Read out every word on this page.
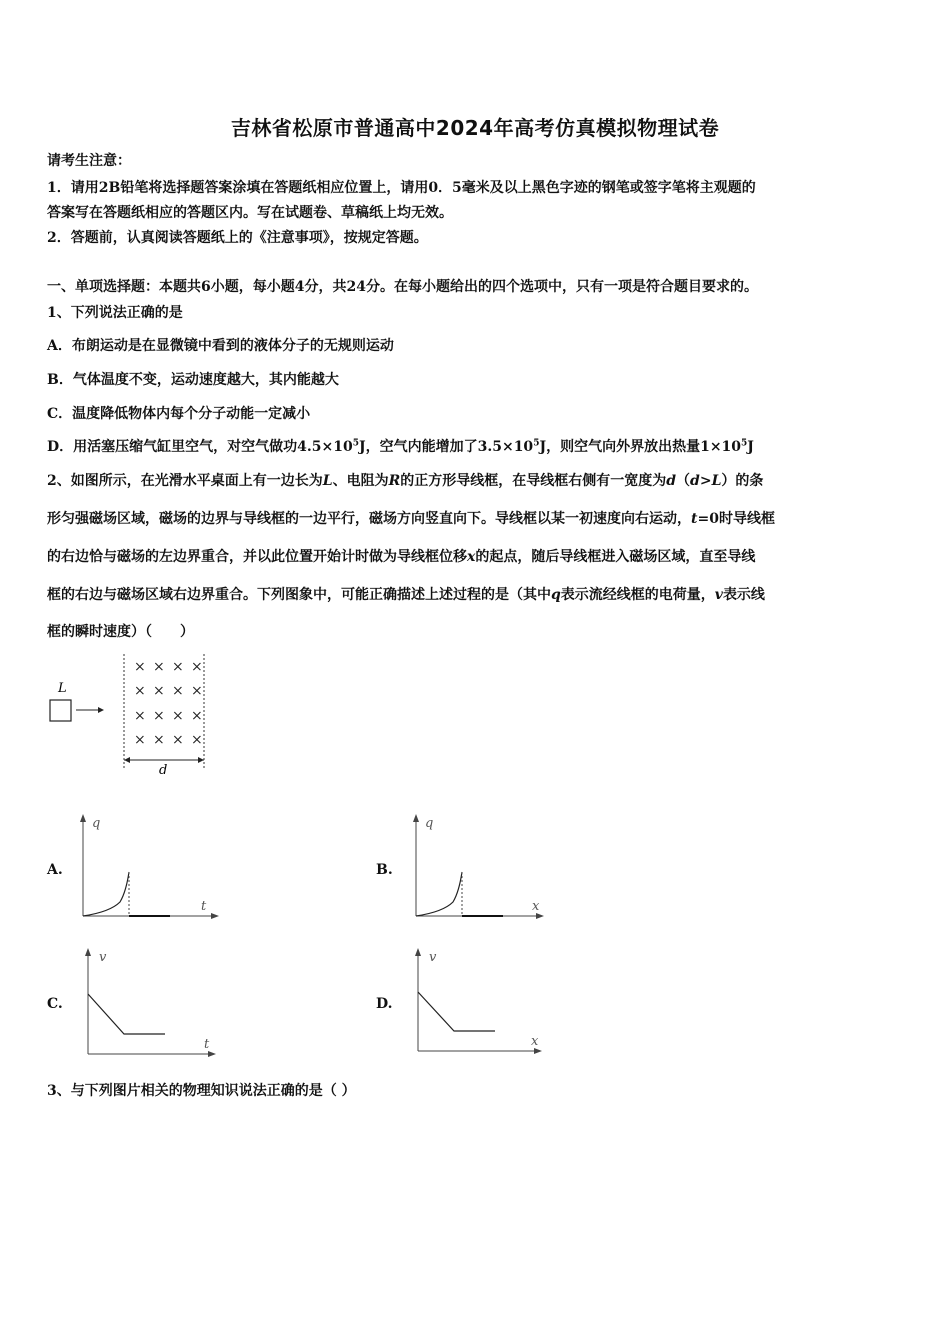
吉林省松原市普通高中2024年高考仿真模拟物理试卷
请考生注意：
1．请用2B铅笔将选择题答案涂填在答题纸相应位置上，请用0．5毫米及以上黑色字迹的钢笔或签字笔将主观题的
答案写在答题纸相应的答题区内。写在试题卷、草稿纸上均无效。
2．答题前，认真阅读答题纸上的《注意事项》，按规定答题。
一、单项选择题：本题共6小题，每小题4分，共24分。在每小题给出的四个选项中，只有一项是符合题目要求的。
1、下列说法正确的是
A．布朗运动是在显微镜中看到的液体分子的无规则运动
B．气体温度不变，运动速度越大，其内能越大
C．温度降低物体内每个分子动能一定减小
D．用活塞压缩气缸里空气，对空气做功$4.5\times 10^5J$，空气内能增加了$3.5\times 10^5J$，则空气向外界放出热量$1\times 10^5J$
2、如图所示，在光滑水平桌面上有一边长为L、电阻为R的正方形导线框，在导线框右侧有一宽度为d（d>L）的条
形匀强磁场区域，磁场的边界与导线框的一边平行，磁场方向竖直向下。导线框以某一初速度向右运动，t=0时导线框
的右边恰与磁场的左边界重合，并以此位置开始计时做为导线框位移x的起点，随后导线框进入磁场区域，直至导线
框的右边与磁场区域右边界重合。下列图象中，可能正确描述上述过程的是（其中q表示流经线框的电荷量，v表示线
框的瞬时速度）（　　）
L
× × × ×
× × × ×
× × × ×
× × × ×
d
A.
q
t
B.
q
x
C.
v
t
D.
v
x
3、与下列图片相关的物理知识说法正确的是（ ）
